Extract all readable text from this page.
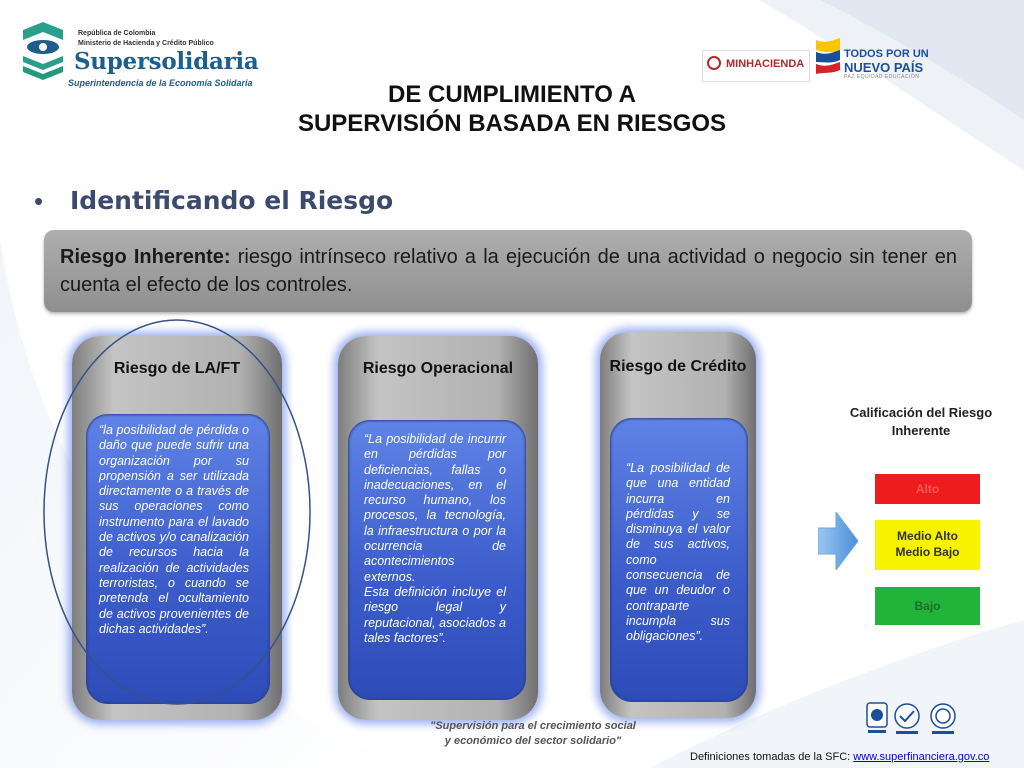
República de Colombia
Ministerio de Hacienda y Crédito Público
Supersolidaria
Superintendencia de la Economía Solidaria
MINHACIENDA
TODOS POR UN
NUEVO PAÍS
PAZ EQUIDAD EDUCACIÓN
DE CUMPLIMIENTO A
SUPERVISIÓN BASADA EN RIESGOS
• Identificando el Riesgo
Riesgo Inherente: riesgo intrínseco relativo a la ejecución de una actividad o negocio sin tener en cuenta el efecto de los controles.
Riesgo de LA/FT
“la posibilidad de pérdida o daño que puede sufrir una organización por su propensión a ser utilizada directamente o a través de sus operaciones como instrumento para el lavado de activos y/o canalización de recursos hacia la realización de actividades terroristas, o cuando se pretenda el ocultamiento de activos provenientes de dichas actividades”.
Riesgo Operacional
“La posibilidad de incurrir en pérdidas por deficiencias, fallas o inadecuaciones, en el recurso humano, los procesos, la tecnología, la infraestructura o por la ocurrencia de acontecimientos externos.
Esta definición incluye el riesgo legal y reputacional, asociados a tales factores”.
Riesgo de Crédito
“La posibilidad de que una entidad incurra en pérdidas y se disminuya el valor de sus activos, como consecuencia de que un deudor o contraparte incumpla sus obligaciones”.
Calificación del Riesgo Inherente
Alto
Medio Alto
Medio Bajo
Bajo
"Supervisión para el crecimiento social
y económico del sector solidario"
Definiciones tomadas de la SFC: www.superfinanciera.gov.co
